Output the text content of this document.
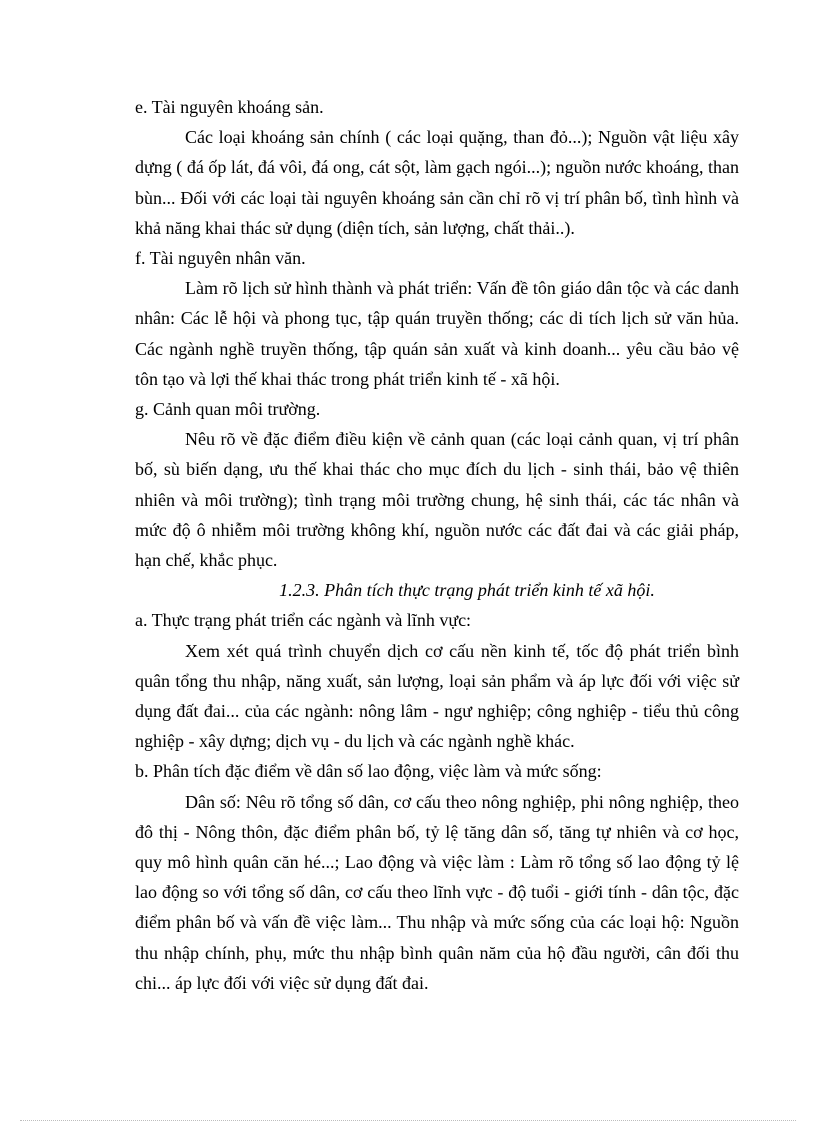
e. Tài nguyên khoáng sản.

Các loại khoáng sản chính ( các loại quặng, than đỏ...); Nguồn vật liệu xây dựng ( đá ốp lát, đá vôi, đá ong, cát sột, làm gạch ngói...); nguồn nước khoáng, than bùn... Đối với các loại tài nguyên khoáng sản cần chỉ rõ vị trí phân bố, tình hình và khả năng khai thác sử dụng (diện tích, sản lượng, chất thải..).

f. Tài nguyên nhân văn.

Làm rõ lịch sử hình thành và phát triển: Vấn đề tôn giáo dân tộc và các danh nhân: Các lễ hội và phong tục, tập quán truyền thống; các di tích lịch sử văn hủa. Các ngành nghề truyền thống, tập quán sản xuất và kinh doanh... yêu cầu bảo vệ tôn tạo và lợi thế khai thác trong phát triển kinh tế - xã hội.

g. Cảnh quan môi trường.

Nêu rõ về đặc điểm điều kiện về cảnh quan (các loại cảnh quan, vị trí phân bố, sù biến dạng, ưu thế khai thác cho mục đích du lịch - sinh thái, bảo vệ thiên nhiên và môi trường); tình trạng môi trường chung, hệ sinh thái, các tác nhân và mức độ ô nhiễm môi trường không khí, nguồn nước các đất đai và các giải pháp, hạn chế, khắc phục.

1.2.3. Phân tích thực trạng phát triển kinh tế xã hội.

a. Thực trạng phát triển các ngành và lĩnh vực:

Xem xét quá trình chuyển dịch cơ cấu nền kinh tế, tốc độ phát triển bình quân tổng thu nhập, năng xuất, sản lượng, loại sản phẩm và áp lực đối với việc sử dụng đất đai... của các ngành: nông lâm - ngư nghiệp; công nghiệp - tiểu thủ công nghiệp - xây dựng; dịch vụ - du lịch và các ngành nghề khác.

b. Phân tích đặc điểm về dân số lao động, việc làm và mức sống:

Dân số: Nêu rõ tổng số dân, cơ cấu theo nông nghiệp, phi nông nghiệp, theo đô thị - Nông thôn, đặc điểm phân bố, tỷ lệ tăng dân số, tăng tự nhiên và cơ học, quy mô hình quân căn hé...; Lao động và việc làm : Làm rõ tổng số lao động tỷ lệ lao động so với tổng số dân, cơ cấu theo lĩnh vực - độ tuổi - giới tính - dân tộc, đặc điểm phân bố và vấn đề việc làm... Thu nhập và mức sống của các loại hộ: Nguồn thu nhập chính, phụ, mức thu nhập bình quân năm của hộ đầu người, cân đối thu chi... áp lực đối với việc sử dụng đất đai.
